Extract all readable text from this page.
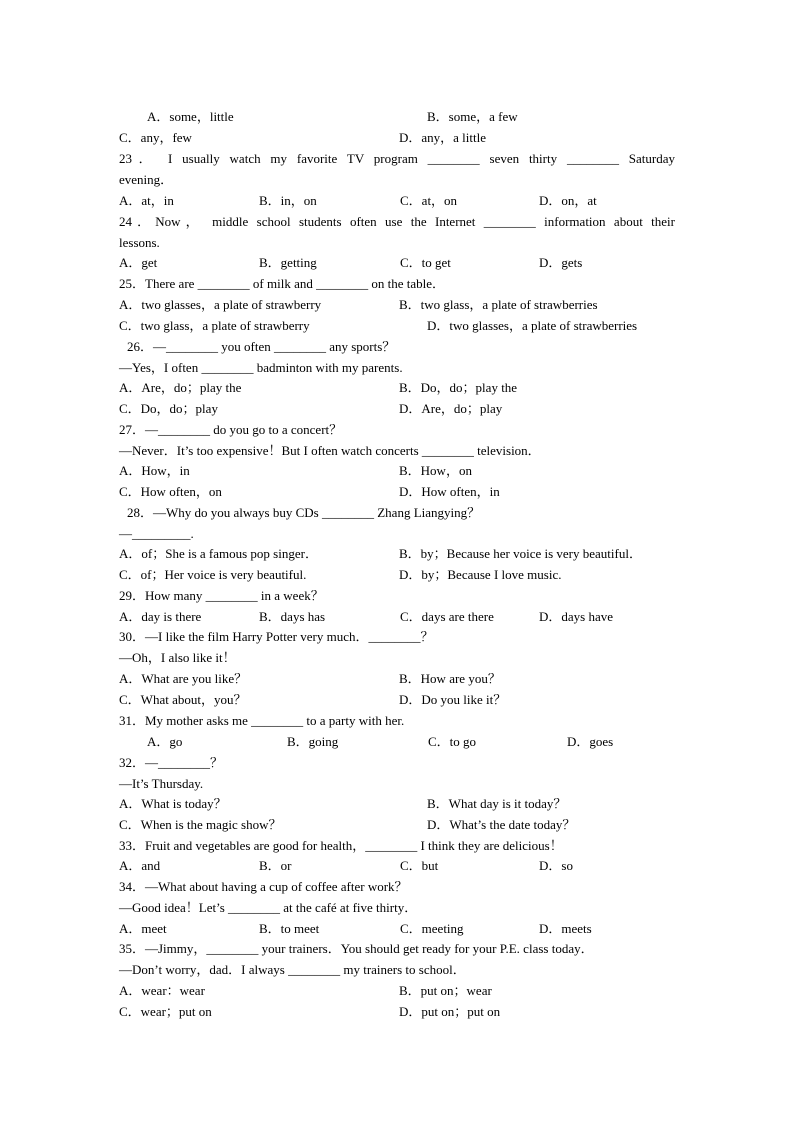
A．some，little	B．some，a few
C．any，few	D．any，a little
23． I usually watch my favorite TV program ________ seven thirty ________ Saturday
evening．
A．at，in	B．in，on	C．at，on	D．on，at
24．Now， middle school students often use the Internet ________ information about their
lessons.
A．get	B．getting	C．to get	D．gets
25．There are ________ of milk and ________ on the table．
A．two glasses，a plate of strawberry	B．two glass，a plate of strawberries
C．two glass，a plate of strawberry	D．two glasses，a plate of strawberries
26．—________ you often ________ any sports？
—Yes，I often ________ badminton with my parents.
A．Are，do；play the	B．Do，do；play the
C．Do，do；play	D．Are，do；play
27．—________ do you go to a concert？
—Never．It’s too expensive！But I often watch concerts ________ television．
A．How，in	B．How，on
C．How often，on	D．How often，in
28．—Why do you always buy CDs ________ Zhang Liangying？
—_________.
A．of；She is a famous pop singer．	B．by；Because her voice is very beautiful．
C．of；Her voice is very beautiful.	D．by；Because I love music.
29．How many ________ in a week？
A．day is there	B．days has	C．days are there	D．days have
30．—I like the film Harry Potter very much．________？
—Oh，I also like it！
A．What are you like？	B．How are you？
C．What about，you？	D．Do you like it？
31．My mother asks me ________ to a party with her.
A．go	B．going	C．to go	D．goes
32．—________？
—It’s Thursday.
A．What is today？	B．What day is it today？
C．When is the magic show？	D．What’s the date today？
33．Fruit and vegetables are good for health，________ I think they are delicious！
A．and	B．or	C．but	D．so
34．—What about having a cup of coffee after work？
—Good idea！Let’s ________ at the café at five thirty．
A．meet	B．to meet	C．meeting	D．meets
35．—Jimmy，________ your trainers．You should get ready for your P.E. class today．
—Don’t worry，dad．I always ________ my trainers to school．
A．wear：wear	B．put on；wear
C．wear；put on	D．put on；put on
